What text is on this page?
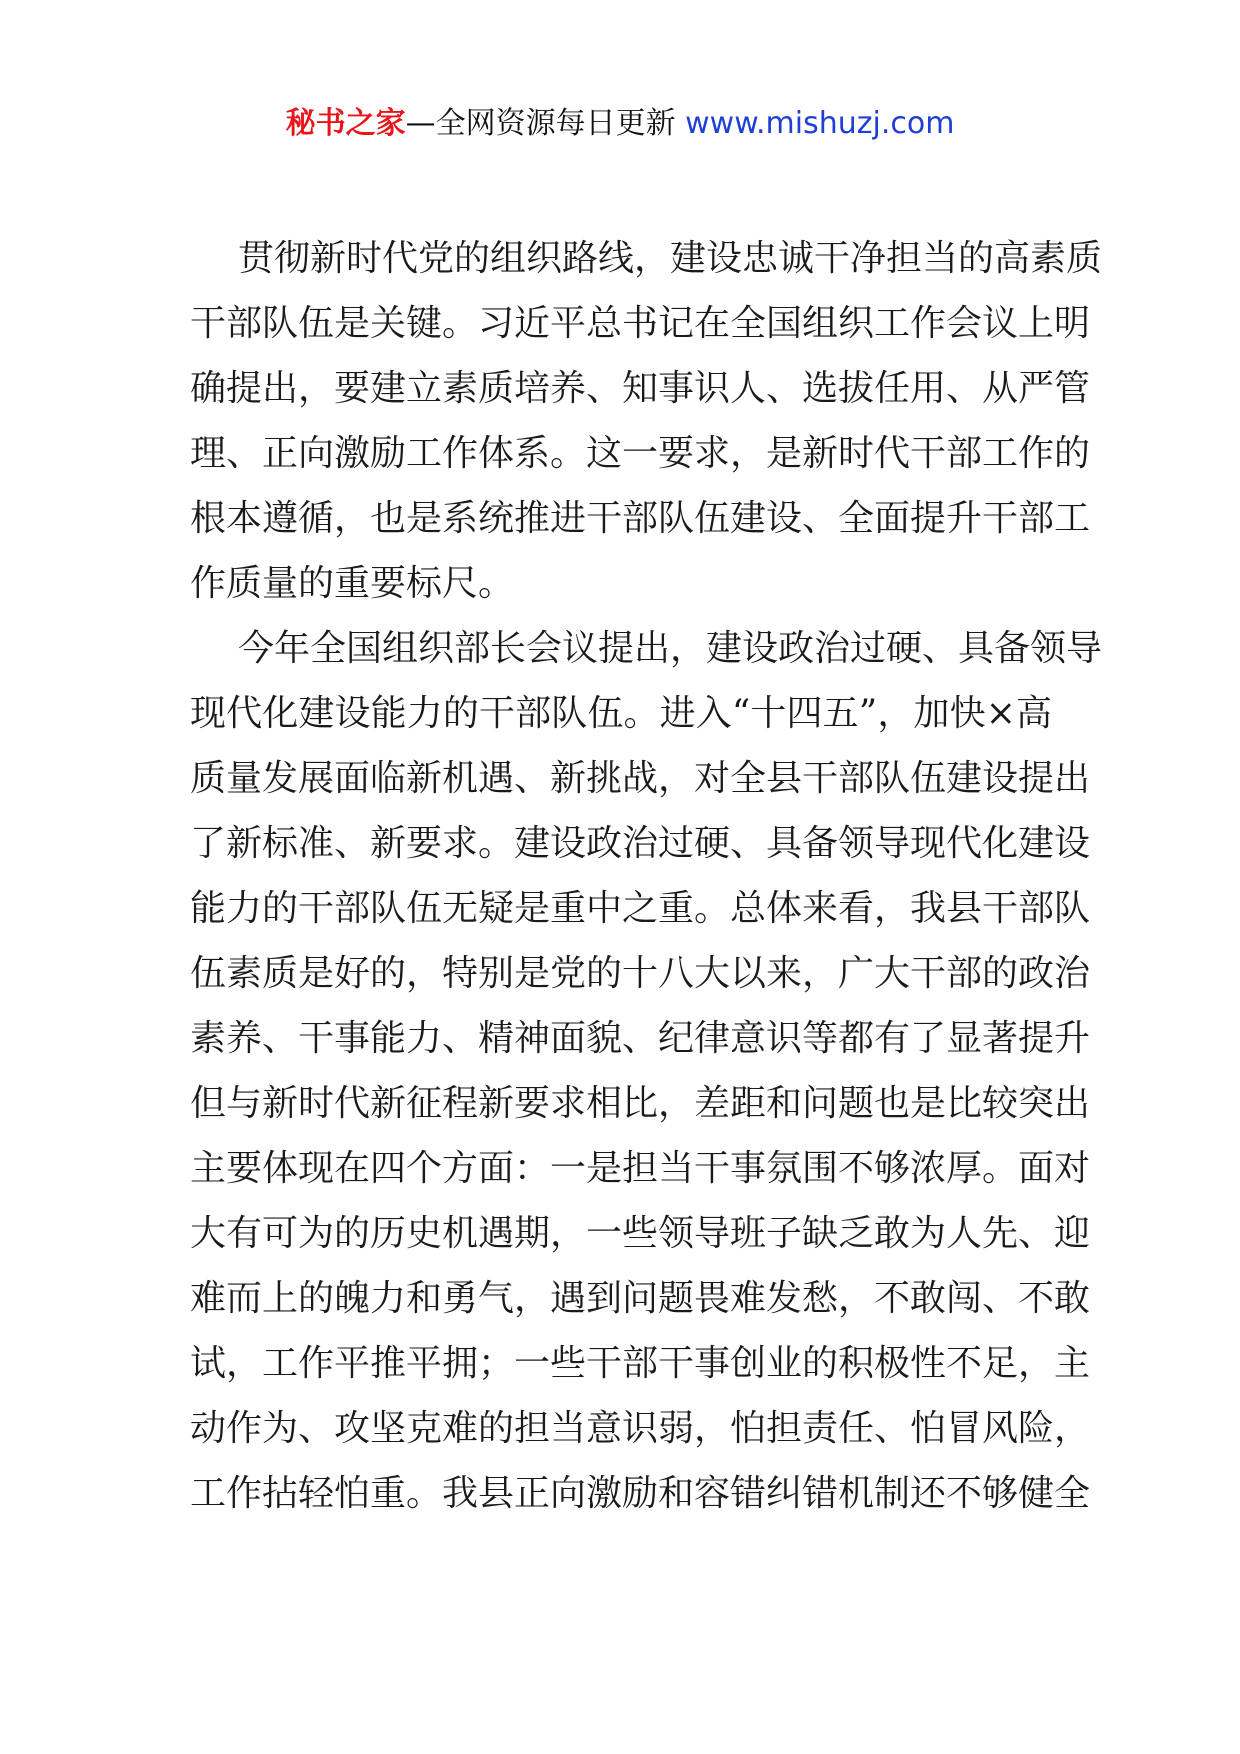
秘书之家—全网资源每日更新 www.mishuzj.com
贯彻新时代党的组织路线，建设忠诚干净担当的高素质
干部队伍是关键。习近平总书记在全国组织工作会议上明
确提出，要建立素质培养、知事识人、选拔任用、从严管
理、正向激励工作体系。这一要求，是新时代干部工作的
根本遵循，也是系统推进干部队伍建设、全面提升干部工
作质量的重要标尺。
今年全国组织部长会议提出，建设政治过硬、具备领导
现代化建设能力的干部队伍。进入“十四五”，加快×高
质量发展面临新机遇、新挑战，对全县干部队伍建设提出
了新标准、新要求。建设政治过硬、具备领导现代化建设
能力的干部队伍无疑是重中之重。总体来看，我县干部队
伍素质是好的，特别是党的十八大以来，广大干部的政治
素养、干事能力、精神面貌、纪律意识等都有了显著提升
但与新时代新征程新要求相比，差距和问题也是比较突出
主要体现在四个方面：一是担当干事氛围不够浓厚。面对
大有可为的历史机遇期，一些领导班子缺乏敢为人先、迎
难而上的魄力和勇气，遇到问题畏难发愁，不敢闯、不敢
试，工作平推平拥；一些干部干事创业的积极性不足，主
动作为、攻坚克难的担当意识弱，怕担责任、怕冒风险，
工作拈轻怕重。我县正向激励和容错纠错机制还不够健全
